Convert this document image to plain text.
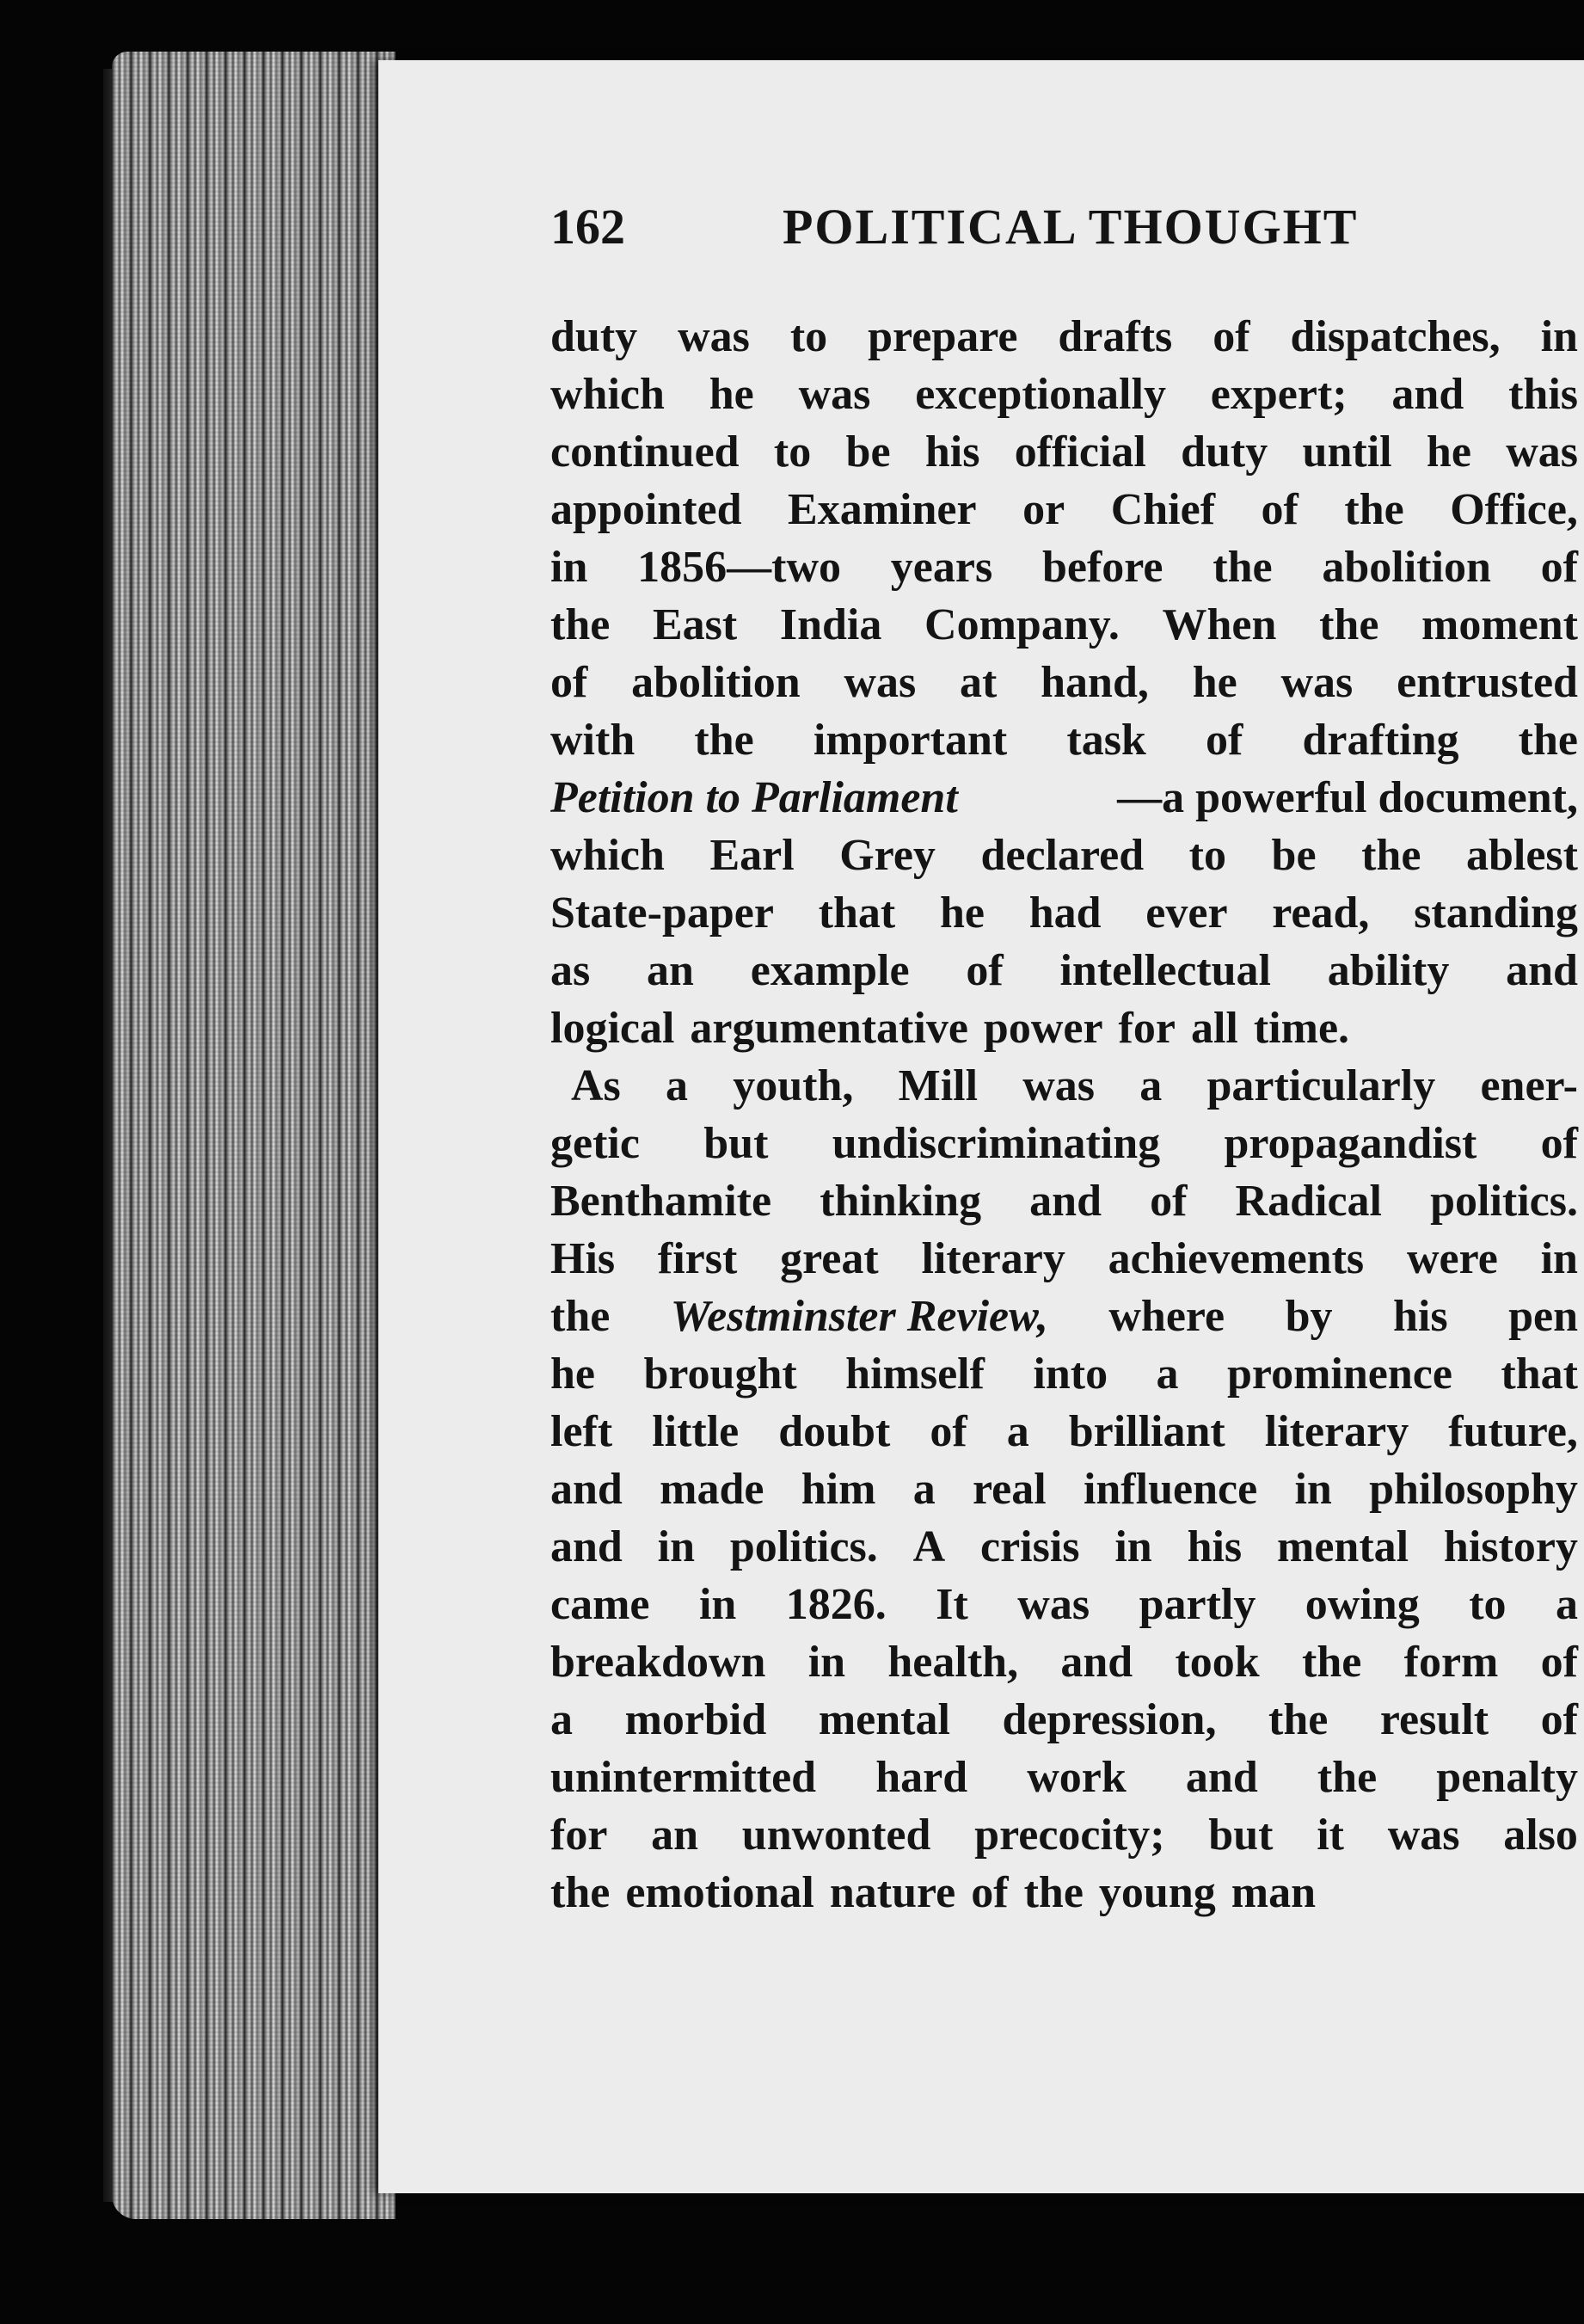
162	POLITICAL THOUGHT
duty was to prepare drafts of dispatches, in
which he was exceptionally expert; and this
continued to be his official duty until he was
appointed Examiner or Chief of the Office,
in 1856—two years before the abolition of
the East India Company. When the moment
of abolition was at hand, he was entrusted
with the important task of drafting the
Petition to Parliament	—a powerful document,
which Earl Grey declared to be the ablest
State-paper that he had ever read, standing
as an example of intellectual ability and
logical argumentative power for all time.
As a youth, Mill was a particularly ener-
getic but undiscriminating propagandist of
Benthamite thinking and of Radical politics.
His first great literary achievements were in
the Westminster Review, where by his pen
he brought himself into a prominence that
left little doubt of a brilliant literary future,
and made him a real influence in philosophy
and in politics. A crisis in his mental history
came in 1826. It was partly owing to a
breakdown in health, and took the form of
a morbid mental depression, the result of
unintermitted hard work and the penalty
for an unwonted precocity; but it was also
the emotional nature of the young man
